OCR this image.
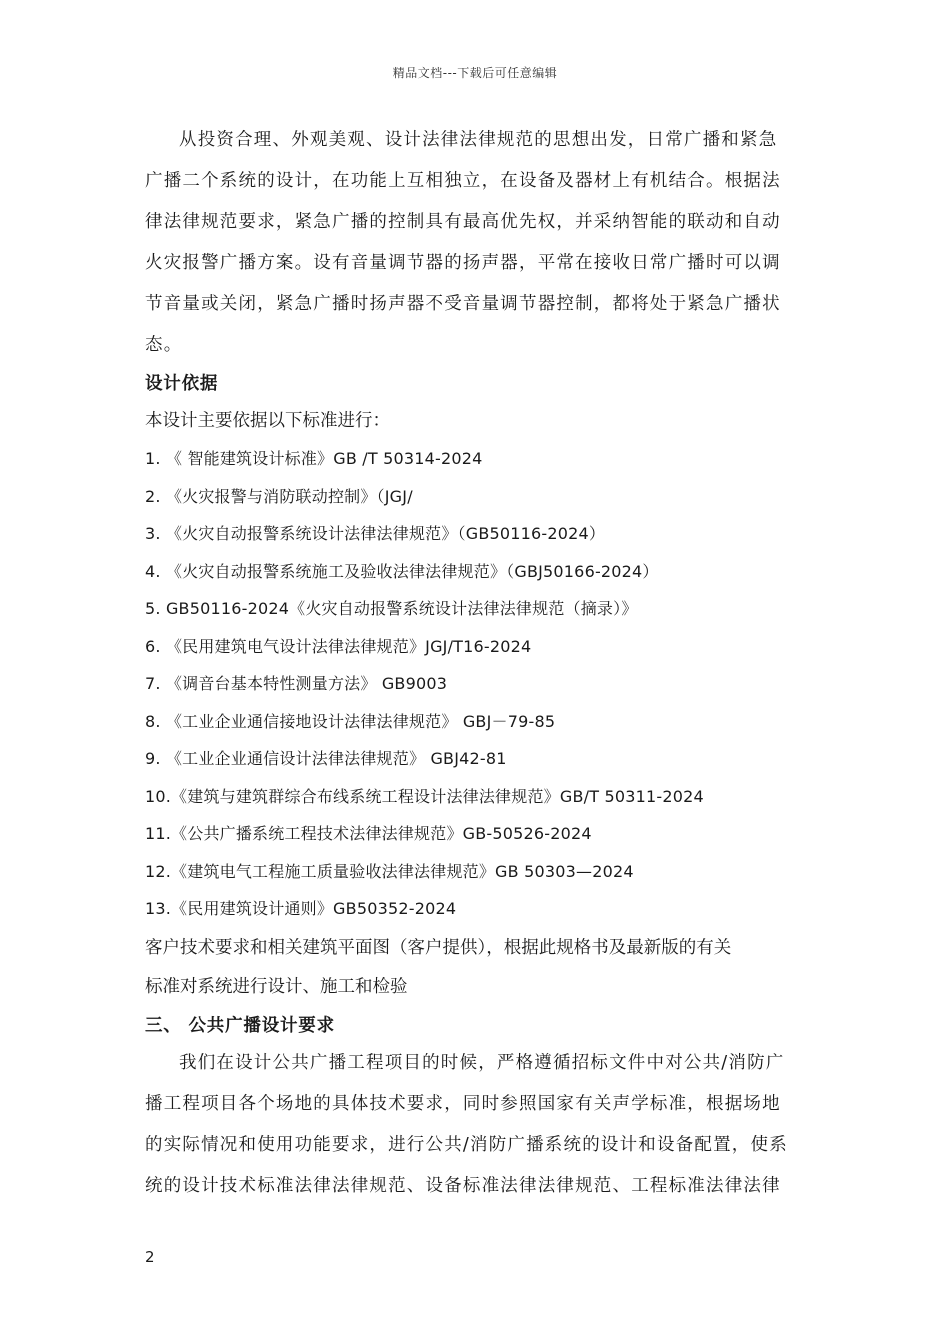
精品文档---下载后可任意编辑
从投资合理、外观美观、设计法律法律规范的思想出发，日常广播和紧急
广播二个系统的设计，在功能上互相独立，在设备及器材上有机结合。根据法
律法律规范要求，紧急广播的控制具有最高优先权，并采纳智能的联动和自动
火灾报警广播方案。设有音量调节器的扬声器，平常在接收日常广播时可以调
节音量或关闭，紧急广播时扬声器不受音量调节器控制，都将处于紧急广播状
态。
设计依据
本设计主要依据以下标准进行：
1. 《 智能建筑设计标准》GB /T 50314-2024
2. 《火灾报警与消防联动控制》（JGJ/
3. 《火灾自动报警系统设计法律法律规范》（GB50116-2024）
4. 《火灾自动报警系统施工及验收法律法律规范》（GBJ50166-2024）
5. GB50116-2024《火灾自动报警系统设计法律法律规范（摘录）》
6. 《民用建筑电气设计法律法律规范》JGJ/T16-2024
7. 《调音台基本特性测量方法》 GB9003
8. 《工业企业通信接地设计法律法律规范》 GBJ－79-85
9. 《工业企业通信设计法律法律规范》 GBJ42-81
10.《建筑与建筑群综合布线系统工程设计法律法律规范》GB/T 50311-2024
11.《公共广播系统工程技术法律法律规范》GB-50526-2024
12.《建筑电气工程施工质量验收法律法律规范》GB 50303—2024
13.《民用建筑设计通则》GB50352-2024
客户技术要求和相关建筑平面图（客户提供），根据此规格书及最新版的有关
标准对系统进行设计、施工和检验
三、 公共广播设计要求
我们在设计公共广播工程项目的时候，严格遵循招标文件中对公共/消防广
播工程项目各个场地的具体技术要求，同时参照国家有关声学标准，根据场地
的实际情况和使用功能要求，进行公共/消防广播系统的设计和设备配置，使系
统的设计技术标准法律法律规范、设备标准法律法律规范、工程标准法律法律
2
